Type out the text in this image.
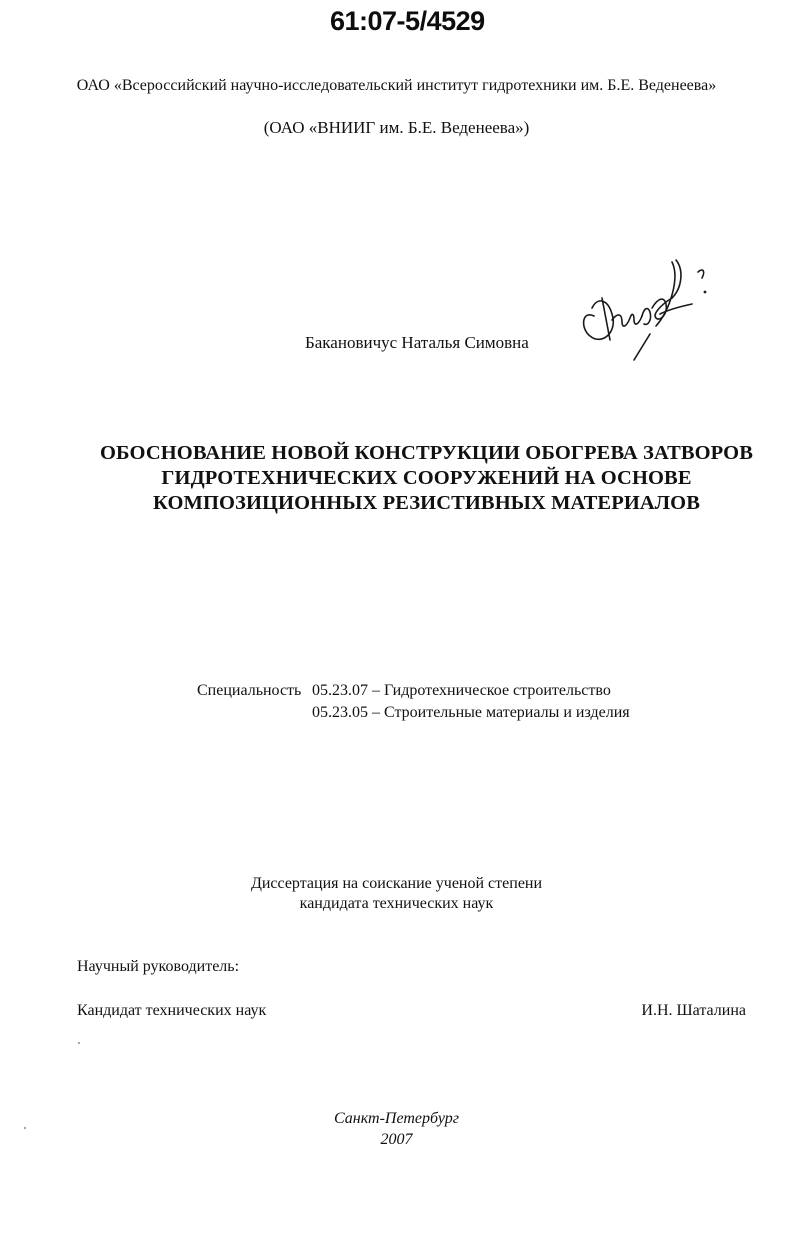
61:07-5/4529
ОАО «Всероссийский научно-исследовательский институт гидротехники им. Б.Е. Веденеева»
(ОАО «ВНИИГ им. Б.Е. Веденеева»)
Бакановичус Наталья Симовна
ОБОСНОВАНИЕ НОВОЙ КОНСТРУКЦИИ ОБОГРЕВА ЗАТВОРОВ
ГИДРОТЕХНИЧЕСКИХ СООРУЖЕНИЙ НА ОСНОВЕ
КОМПОЗИЦИОННЫХ РЕЗИСТИВНЫХ МАТЕРИАЛОВ
Специальность 05.23.07 – Гидротехническое строительство
05.23.05 – Строительные материалы и изделия
Диссертация на соискание ученой степени
кандидата технических наук
Научный руководитель:
Кандидат технических наук	И.Н. Шаталина
Санкт-Петербург
2007
